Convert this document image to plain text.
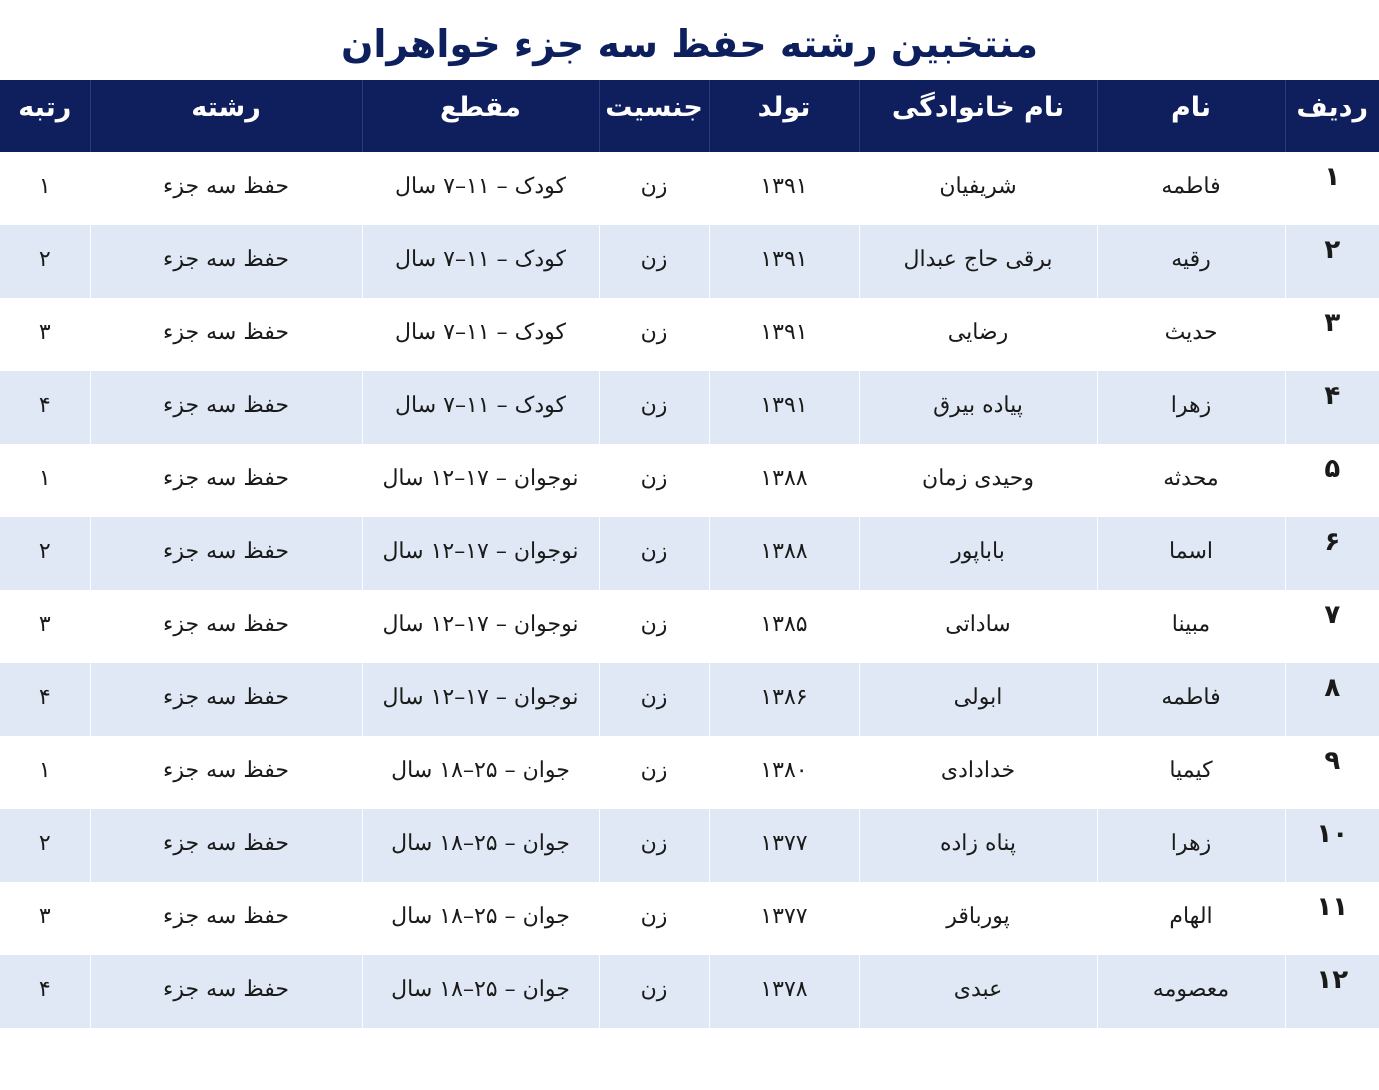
منتخبین رشته حفظ سه جزء خواهران
ردیف	نام	نام خانوادگی	تولد	جنسیت	مقطع	رشته	رتبه
۱	فاطمه	شریفیان	۱۳۹۱	زن	کودک – ۱۱–۷ سال	حفظ سه جزء	۱
۲	رقیه	برقی حاج عبدال	۱۳۹۱	زن	کودک – ۱۱–۷ سال	حفظ سه جزء	۲
۳	حدیث	رضایی	۱۳۹۱	زن	کودک – ۱۱–۷ سال	حفظ سه جزء	۳
۴	زهرا	پیاده بیرق	۱۳۹۱	زن	کودک – ۱۱–۷ سال	حفظ سه جزء	۴
۵	محدثه	وحیدی زمان	۱۳۸۸	زن	نوجوان – ۱۷–۱۲ سال	حفظ سه جزء	۱
۶	اسما	باباپور	۱۳۸۸	زن	نوجوان – ۱۷–۱۲ سال	حفظ سه جزء	۲
۷	مبینا	ساداتی	۱۳۸۵	زن	نوجوان – ۱۷–۱۲ سال	حفظ سه جزء	۳
۸	فاطمه	ابولی	۱۳۸۶	زن	نوجوان – ۱۷–۱۲ سال	حفظ سه جزء	۴
۹	کیمیا	خدادادی	۱۳۸۰	زن	جوان – ۲۵–۱۸ سال	حفظ سه جزء	۱
۱۰	زهرا	پناه زاده	۱۳۷۷	زن	جوان – ۲۵–۱۸ سال	حفظ سه جزء	۲
۱۱	الهام	پورباقر	۱۳۷۷	زن	جوان – ۲۵–۱۸ سال	حفظ سه جزء	۳
۱۲	معصومه	عبدی	۱۳۷۸	زن	جوان – ۲۵–۱۸ سال	حفظ سه جزء	۴
